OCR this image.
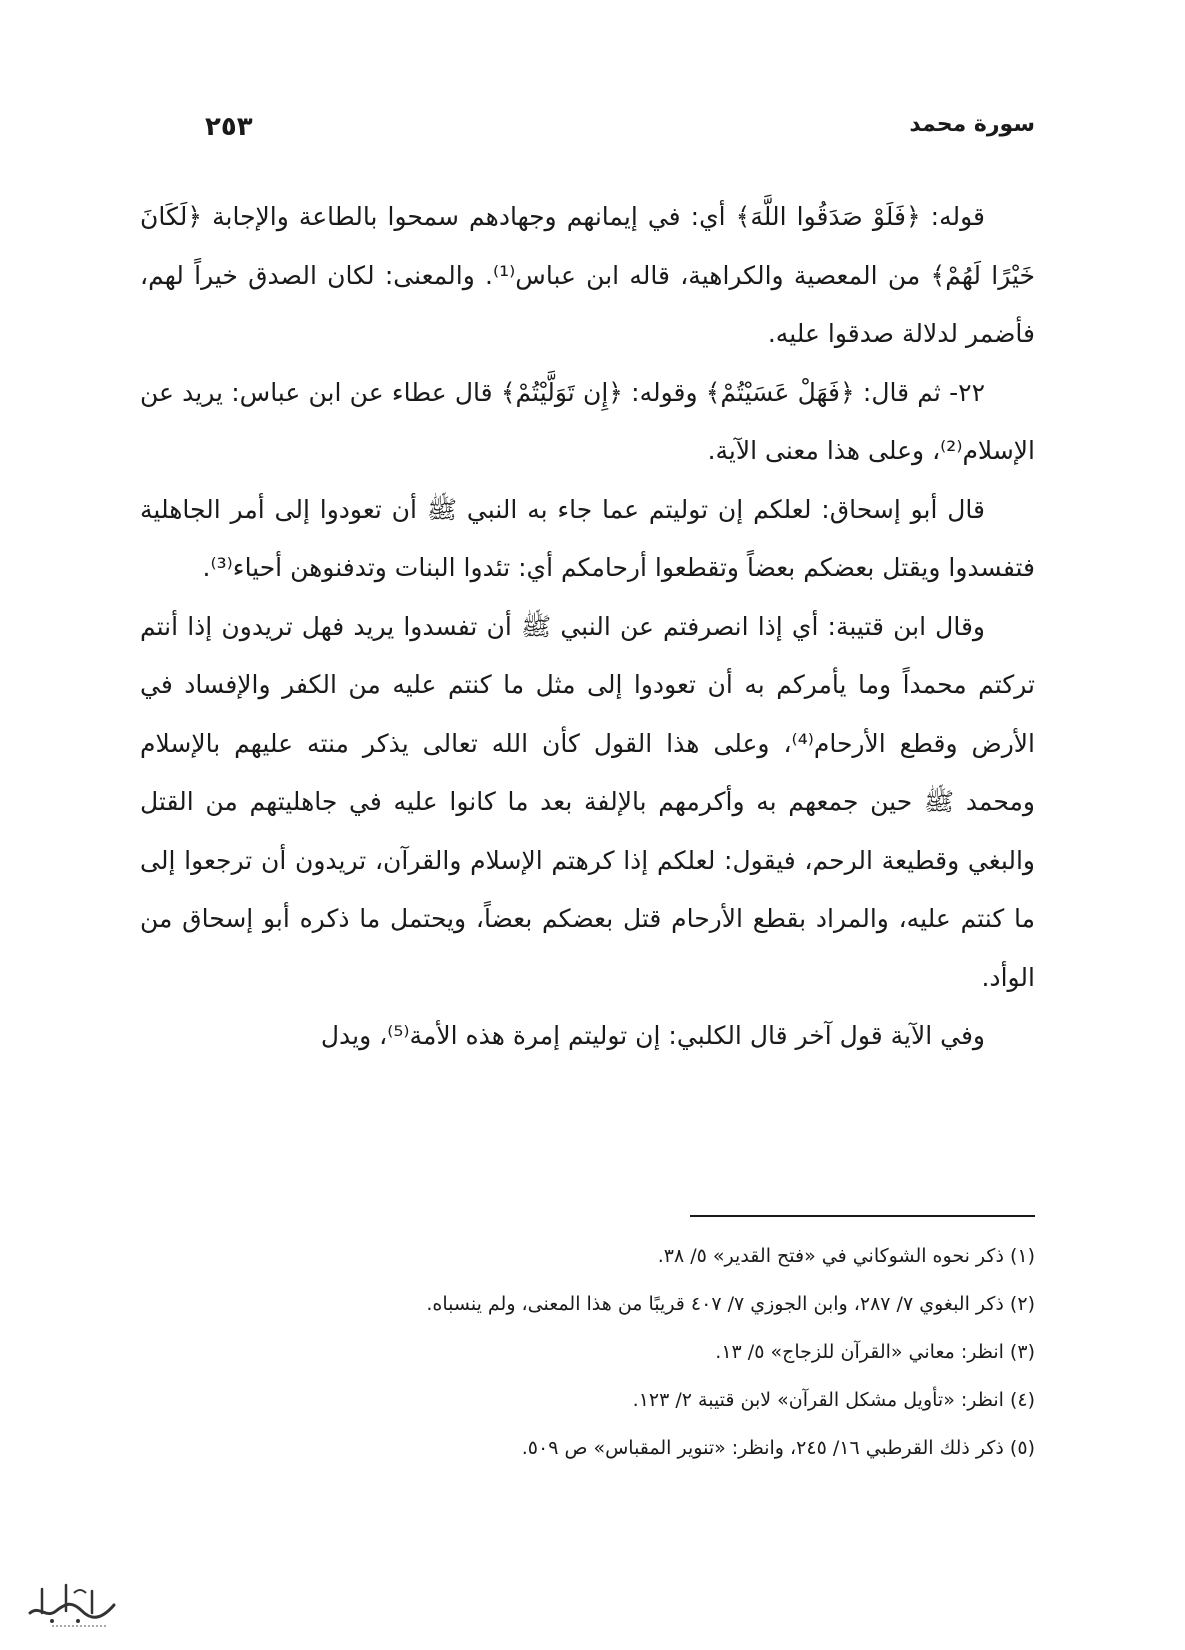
سورة محمد
٢٥٣

قوله: ﴿فَلَوْ صَدَقُوا اللَّهَ﴾ أي: في إيمانهم وجهادهم سمحوا بالطاعة والإجابة ﴿لَكَانَ خَيْرًا لَهُمْ﴾ من المعصية والكراهية، قاله ابن عباس⁽¹⁾. والمعنى: لكان الصدق خيراً لهم، فأضمر لدلالة صدقوا عليه.

٢٢- ثم قال: ﴿فَهَلْ عَسَيْتُمْ﴾ وقوله: ﴿إِن تَوَلَّيْتُمْ﴾ قال عطاء عن ابن عباس: يريد عن الإسلام⁽²⁾، وعلى هذا معنى الآية.

قال أبو إسحاق: لعلكم إن توليتم عما جاء به النبي ﷺ أن تعودوا إلى أمر الجاهلية فتفسدوا ويقتل بعضكم بعضاً وتقطعوا أرحامكم أي: تئدوا البنات وتدفنوهن أحياء⁽³⁾.

وقال ابن قتيبة: أي إذا انصرفتم عن النبي ﷺ أن تفسدوا يريد فهل تريدون إذا أنتم تركتم محمداً وما يأمركم به أن تعودوا إلى مثل ما كنتم عليه من الكفر والإفساد في الأرض وقطع الأرحام⁽⁴⁾، وعلى هذا القول كأن الله تعالى يذكر منته عليهم بالإسلام ومحمد ﷺ حين جمعهم به وأكرمهم بالإلفة بعد ما كانوا عليه في جاهليتهم من القتل والبغي وقطيعة الرحم، فيقول: لعلكم إذا كرهتم الإسلام والقرآن، تريدون أن ترجعوا إلى ما كنتم عليه، والمراد بقطع الأرحام قتل بعضكم بعضاً، ويحتمل ما ذكره أبو إسحاق من الوأد.

وفي الآية قول آخر قال الكلبي: إن توليتم إمرة هذه الأمة⁽⁵⁾، ويدل

(١) ذكر نحوه الشوكاني في «فتح القدير» ٥/ ٣٨.

(٢) ذكر البغوي ٧/ ٢٨٧، وابن الجوزي ٧/ ٤٠٧ قريبًا من هذا المعنى، ولم ينسباه.

(٣) انظر: معاني «القرآن للزجاج» ٥/ ١٣.

(٤) انظر: «تأويل مشكل القرآن» لابن قتيبة ٢/ ١٢٣.

(٥) ذكر ذلك القرطبي ١٦/ ٢٤٥، وانظر: «تنوير المقباس» ص ٥٠٩.
